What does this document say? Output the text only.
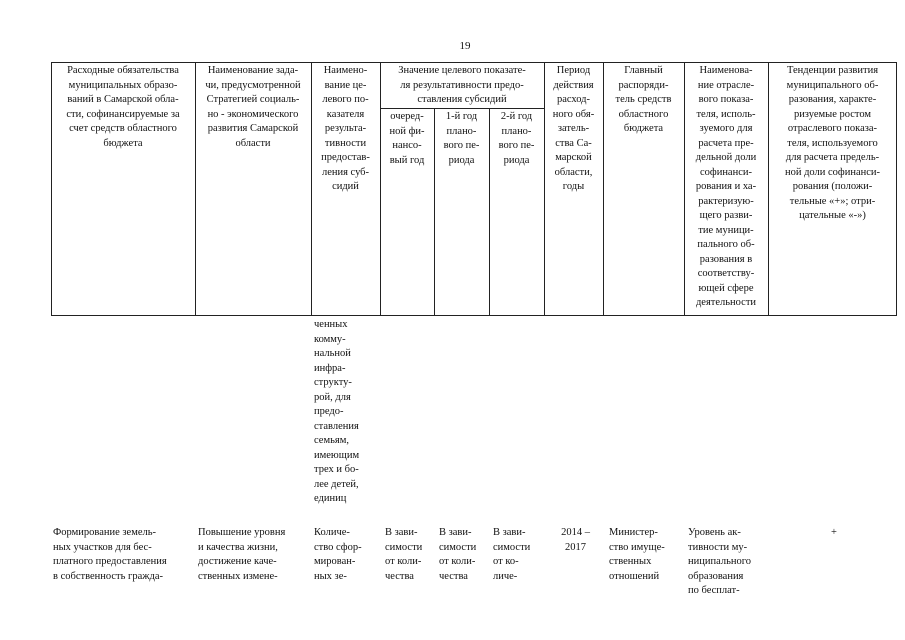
19
Расходные обязательства
муниципальных образо-
ваний в Самарской обла-
сти, софинансируемые за
счет средств областного
бюджета
Наименование зада-
чи, предусмотренной
Стратегией социаль-
но - экономического
развития Самарской
области
Наимено-
вание це-
левого по-
казателя
результа-
тивности
предостав-
ления суб-
сидий
Значение целевого показате-
ля результативности предо-
ставления субсидий
очеред-
ной фи-
нансо-
вый год
1-й год
плано-
вого пе-
риода
2-й год
плано-
вого пе-
риода
Период
действия
расход-
ного обя-
затель-
ства Са-
марской
области,
годы
Главный
распоряди-
тель средств
областного
бюджета
Наименова-
ние отрасле-
вого показа-
теля, исполь-
зуемого для
расчета пре-
дельной доли
софинанси-
рования и ха-
рактеризую-
щего разви-
тие муници-
пального об-
разования в
соответству-
ющей сфере
деятельности
Тенденции развития
муниципального об-
разования, характе-
ризуемые ростом
отраслевого показа-
теля, используемого
для расчета предель-
ной доли софинанси-
рования (положи-
тельные «+»; отри-
цательные «-»)
ченных
комму-
нальной
инфра-
структу-
рой, для
предо-
ставления
семьям,
имеющим
трех и бо-
лее детей,
единиц
Формирование земель-
ных участков для бес-
платного предоставления
в собственность гражда-
Повышение уровня
и качества жизни,
достижение каче-
ственных измене-
Количе-
ство сфор-
мирован-
ных зе-
В зави-
симости
от коли-
чества
В зави-
симости
от коли-
чества
В зави-
симости
от ко-
личе-
2014 –
2017
Министер-
ство имуще-
ственных
отношений
Уровень ак-
тивности му-
ниципального
образования
по бесплат-
+
